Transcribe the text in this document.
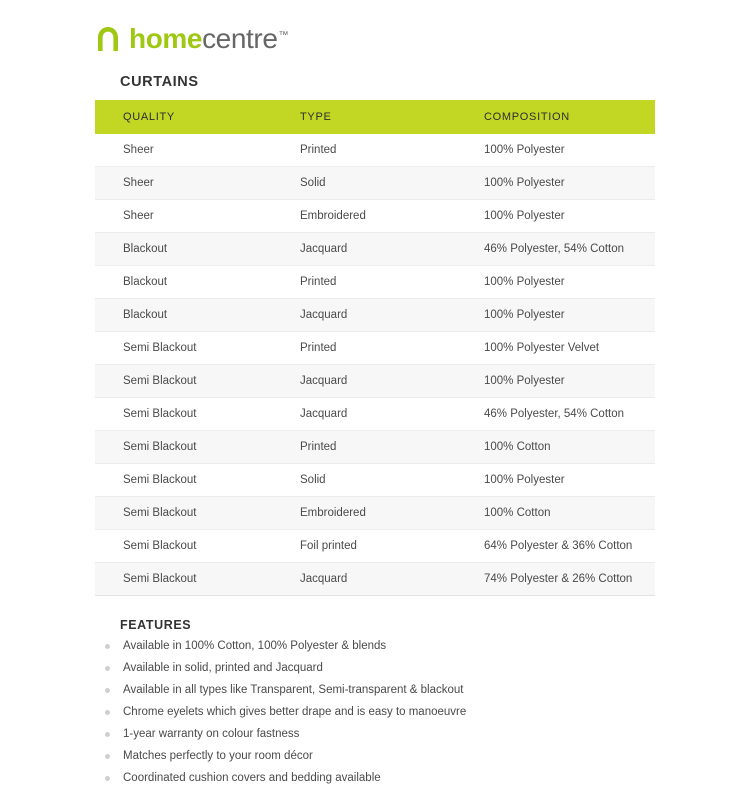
homecentre™
CURTAINS
QUALITY	TYPE	COMPOSITION
Sheer	Printed	100% Polyester
Sheer	Solid	100% Polyester
Sheer	Embroidered	100% Polyester
Blackout	Jacquard	46% Polyester, 54% Cotton
Blackout	Printed	100% Polyester
Blackout	Jacquard	100% Polyester
Semi Blackout	Printed	100% Polyester Velvet
Semi Blackout	Jacquard	100% Polyester
Semi Blackout	Jacquard	46% Polyester, 54% Cotton
Semi Blackout	Printed	100% Cotton
Semi Blackout	Solid	100% Polyester
Semi Blackout	Embroidered	100% Cotton
Semi Blackout	Foil printed	64% Polyester & 36% Cotton
Semi Blackout	Jacquard	74% Polyester & 26% Cotton
FEATURES
Available in 100% Cotton, 100% Polyester & blends
Available in solid, printed and Jacquard
Available in all types like Transparent, Semi-transparent & blackout
Chrome eyelets which gives better drape and is easy to manoeuvre
1-year warranty on colour fastness
Matches perfectly to your room décor
Coordinated cushion covers and bedding available
